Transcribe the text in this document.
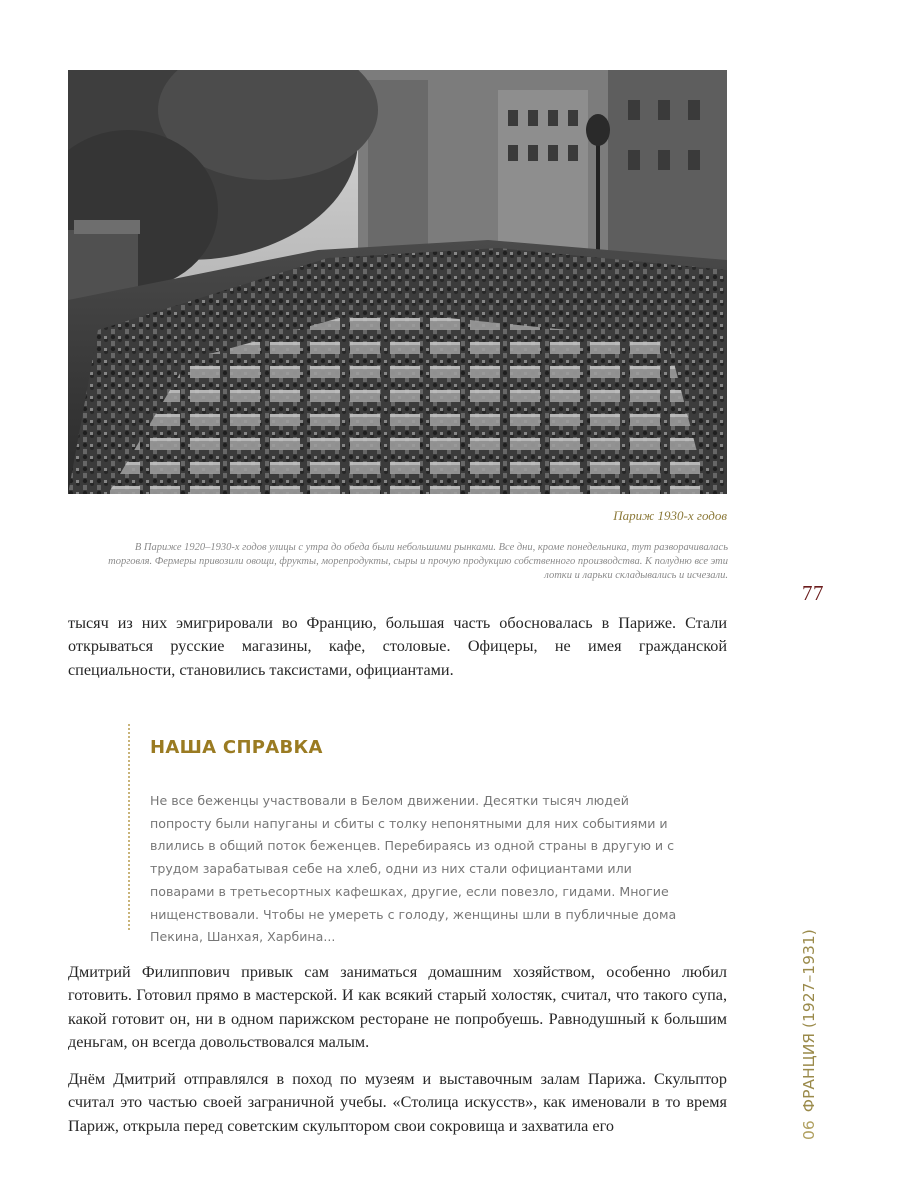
Париж 1930-х годов
В Париже 1920–1930-х годов улицы с утра до обеда были небольшими рынками. Все дни, кроме понедельника, тут разворачивалась торговля. Фермеры привозили овощи, фрукты, морепродукты, сыры и прочую продукцию собственного производства. К полудню все эти лотки и ларьки складывались и исчезали.
77
тысяч из них эмигрировали во Францию, большая часть обосновалась в Париже. Стали открываться русские магазины, кафе, столовые. Офицеры, не имея гражданской специальности, становились таксистами, официантами.
НАША СПРАВКА
Не все беженцы участвовали в Белом движении. Десятки тысяч людей попросту были напуганы и сбиты с толку непонятными для них событиями и влились в общий поток беженцев. Перебираясь из одной страны в другую и с трудом зарабатывая себе на хлеб, одни из них стали официантами или поварами в третьесортных кафешках, другие, если повезло, гидами. Многие нищенствовали. Чтобы не умереть с голоду, женщины шли в публичные дома Пекина, Шанхая, Харбина...
Дмитрий Филиппович привык сам заниматься домашним хозяйством, особенно любил готовить. Готовил прямо в мастерской. И как всякий старый холостяк, считал, что такого супа, какой готовит он, ни в одном парижском ресторане не попробуешь. Равнодушный к большим деньгам, он всегда довольствовался малым.
Днём Дмитрий отправлялся в поход по музеям и выставочным залам Парижа. Скульптор считал это частью своей заграничной учебы. «Столица искусств», как именовали в то время Париж, открыла перед советским скульптором свои сокровища и захватила его	06ФРАНЦИЯ (1927–1931)
